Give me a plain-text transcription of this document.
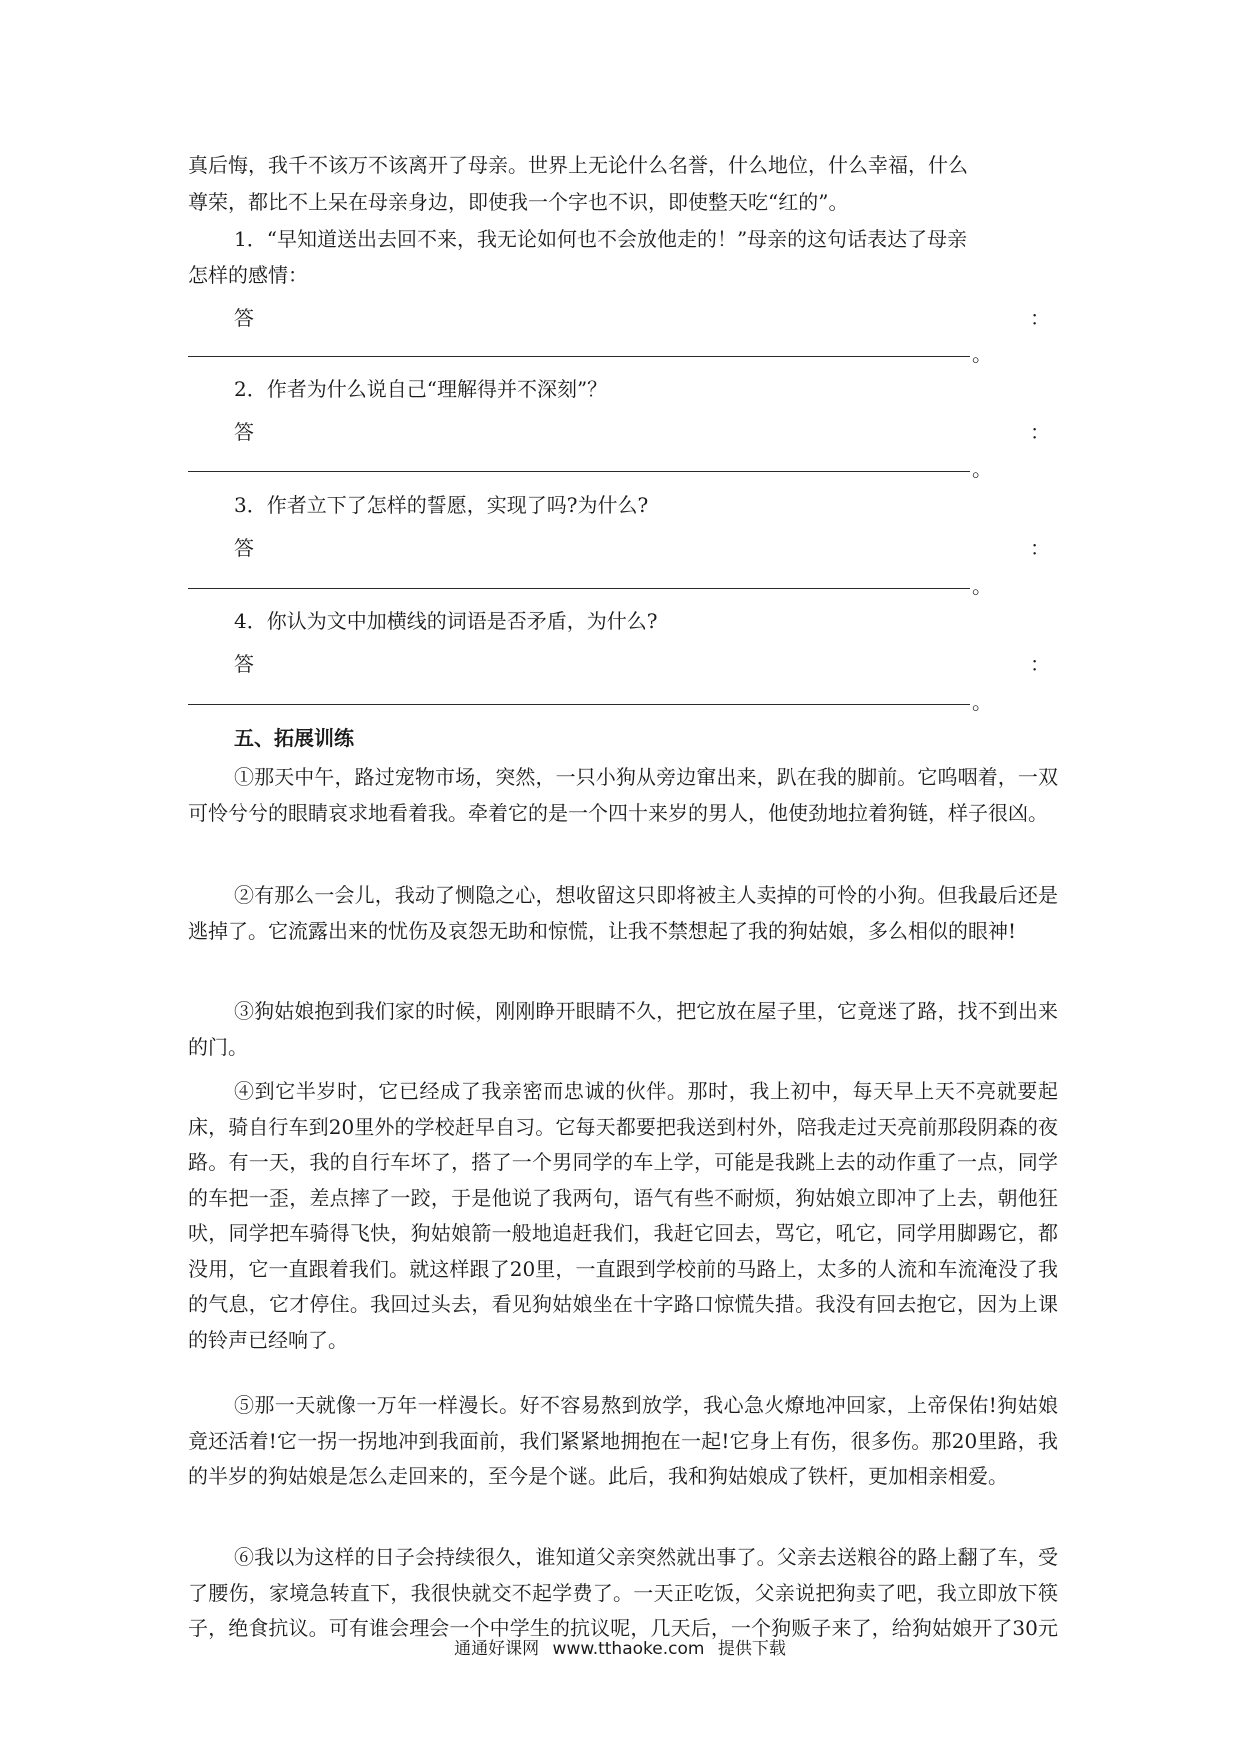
真后悔，我千不该万不该离开了母亲。世界上无论什么名誉，什么地位，什么幸福，什么

尊荣，都比不上呆在母亲身边，即使我一个字也不识，即使整天吃“红的”。

1．“早知道送出去回不来，我无论如何也不会放他走的！”母亲的这句话表达了母亲
怎样的感情：
答	：
。
2．作者为什么说自己“理解得并不深刻”？
答	：
。
3．作者立下了怎样的誓愿，实现了吗?为什么?
答	：
。
4．你认为文中加横线的词语是否矛盾，为什么?
答	：
。
五、拓展训练

①那天中午，路过宠物市场，突然，一只小狗从旁边窜出来，趴在我的脚前。它呜咽着，一双可怜兮兮的眼睛哀求地看着我。牵着它的是一个四十来岁的男人，他使劲地拉着狗链，样子很凶。

②有那么一会儿，我动了恻隐之心，想收留这只即将被主人卖掉的可怜的小狗。但我最后还是逃掉了。它流露出来的忧伤及哀怨无助和惊慌，让我不禁想起了我的狗姑娘，多么相似的眼神!

③狗姑娘抱到我们家的时候，刚刚睁开眼睛不久，把它放在屋子里，它竟迷了路，找不到出来的门。

④到它半岁时，它已经成了我亲密而忠诚的伙伴。那时，我上初中，每天早上天不亮就要起床，骑自行车到20里外的学校赶早自习。它每天都要把我送到村外，陪我走过天亮前那段阴森的夜路。有一天，我的自行车坏了，搭了一个男同学的车上学，可能是我跳上去的动作重了一点，同学的车把一歪，差点摔了一跤，于是他说了我两句，语气有些不耐烦，狗姑娘立即冲了上去，朝他狂吠，同学把车骑得飞快，狗姑娘箭一般地追赶我们，我赶它回去，骂它，吼它，同学用脚踢它，都没用，它一直跟着我们。就这样跟了20里，一直跟到学校前的马路上，太多的人流和车流淹没了我的气息，它才停住。我回过头去，看见狗姑娘坐在十字路口惊慌失措。我没有回去抱它，因为上课的铃声已经响了。

⑤那一天就像一万年一样漫长。好不容易熬到放学，我心急火燎地冲回家，上帝保佑!狗姑娘竟还活着!它一拐一拐地冲到我面前，我们紧紧地拥抱在一起!它身上有伤，很多伤。那20里路，我的半岁的狗姑娘是怎么走回来的，至今是个谜。此后，我和狗姑娘成了铁杆，更加相亲相爱。

⑥我以为这样的日子会持续很久，谁知道父亲突然就出事了。父亲去送粮谷的路上翻了车，受了腰伤，家境急转直下，我很快就交不起学费了。一天正吃饭，父亲说把狗卖了吧，我立即放下筷子，绝食抗议。可有谁会理会一个中学生的抗议呢，几天后，一个狗贩子来了，给狗姑娘开了30元

通通好课网 www.tthaoke.com 提供下载
